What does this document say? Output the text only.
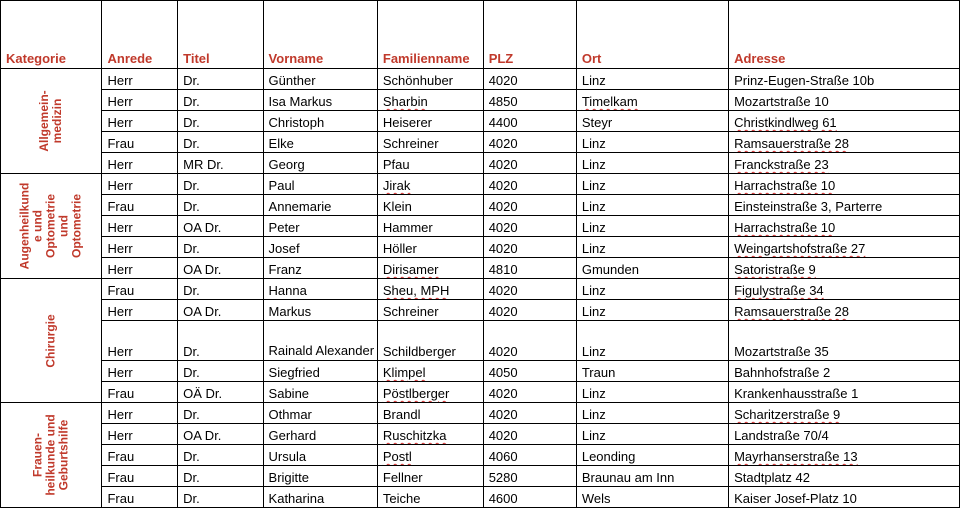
Kategorie	Anrede	Titel	Vorname	Familienname	PLZ	Ort	Adresse

Allgemein-
medizin	Herr	Dr.	Günther	Schönhuber	4020	Linz	Prinz-Eugen-Straße 10b
	Herr	Dr.	Isa Markus	Sharbin	4850	Timelkam	Mozartstraße 10
	Herr	Dr.	Christoph	Heiserer	4400	Steyr	Christkindlweg 61
	Frau	Dr.	Elke	Schreiner	4020	Linz	Ramsauerstraße 28
	Herr	MR Dr.	Georg	Pfau	4020	Linz	Franckstraße 23

Augenheilkund
e und
Optometrie
und
Optometrie	Herr	Dr.	Paul	Jirak	4020	Linz	Harrachstraße 10
	Frau	Dr.	Annemarie	Klein	4020	Linz	Einsteinstraße 3, Parterre
	Herr	OA Dr.	Peter	Hammer	4020	Linz	Harrachstraße 10
	Herr	Dr.	Josef	Höller	4020	Linz	Weingartshofstraße 27
	Herr	OA Dr.	Franz	Dirisamer	4810	Gmunden	Satoristraße 9

Chirurgie	Frau	Dr.	Hanna	Sheu, MPH	4020	Linz	Figulystraße 34
	Herr	OA Dr.	Markus	Schreiner	4020	Linz	Ramsauerstraße 28
	Herr	Dr.	Rainald Alexander	Schildberger	4020	Linz	Mozartstraße 35
	Herr	Dr.	Siegfried	Klimpel	4050	Traun	Bahnhofstraße 2
	Frau	OÄ Dr.	Sabine	Pöstlberger	4020	Linz	Krankenhausstraße 1

Frauen-
heilkunde und
Geburtshilfe	Herr	Dr.	Othmar	Brandl	4020	Linz	Scharitzerstraße 9
	Herr	OA Dr.	Gerhard	Ruschitzka	4020	Linz	Landstraße 70/4
	Frau	Dr.	Ursula	Postl	4060	Leonding	Mayrhanserstraße 13
	Frau	Dr.	Brigitte	Fellner	5280	Braunau am Inn	Stadtplatz 42
	Frau	Dr.	Katharina	Teiche	4600	Wels	Kaiser Josef-Platz 10
